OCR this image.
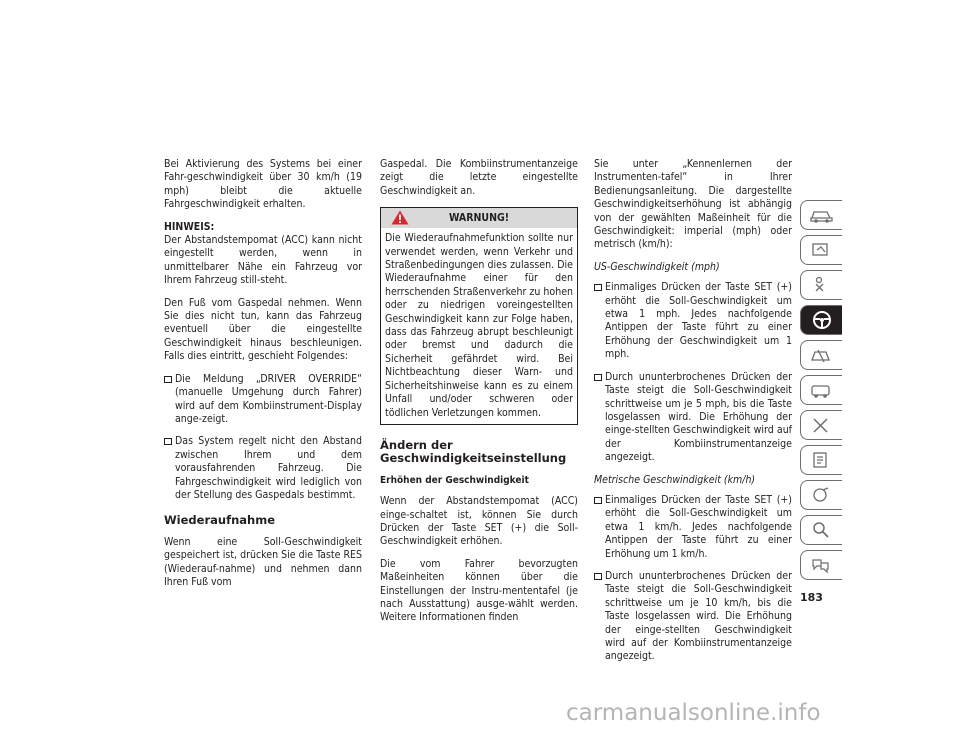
Bei Aktivierung des Systems bei einer Fahr-geschwindigkeit über 30 km/h (19 mph) bleibt die aktuelle Fahrgeschwindigkeit erhalten.

HINWEIS:

Der Abstandstempomat (ACC) kann nicht eingestellt werden, wenn in unmittelbarer Nähe ein Fahrzeug vor Ihrem Fahrzeug still-steht.

Den Fuß vom Gaspedal nehmen. Wenn Sie dies nicht tun, kann das Fahrzeug eventuell über die eingestellte Geschwindigkeit hinaus beschleunigen. Falls dies eintritt, geschieht Folgendes:

Die Meldung „DRIVER OVERRIDE“ (manuelle Umgehung durch Fahrer) wird auf dem Kombiinstrument-Display ange-zeigt.
Das System regelt nicht den Abstand zwischen Ihrem und dem vorausfahrenden Fahrzeug. Die Fahrgeschwindigkeit wird lediglich von der Stellung des Gaspedals bestimmt.
Wiederaufnahme

Wenn eine Soll-Geschwindigkeit gespeichert ist, drücken Sie die Taste RES (Wiederauf-nahme) und nehmen dann Ihren Fuß vom

Gaspedal. Die Kombiinstrumentanzeige zeigt die letzte eingestellte Geschwindigkeit an.

WARNUNG!
Die Wiederaufnahmefunktion sollte nur verwendet werden, wenn Verkehr und Straßenbedingungen dies zulassen. Die Wiederaufnahme einer für den herrschenden Straßenverkehr zu hohen oder zu niedrigen voreingestellten Geschwindigkeit kann zur Folge haben, dass das Fahrzeug abrupt beschleunigt oder bremst und dadurch die Sicherheit gefährdet wird. Bei Nichtbeachtung dieser Warn- und Sicherheitshinweise kann es zu einem Unfall und/oder schweren oder tödlichen Verletzungen kommen.
Ändern der Geschwindigkeitseinstellung
Erhöhen der Geschwindigkeit

Wenn der Abstandstempomat (ACC) einge-schaltet ist, können Sie durch Drücken der Taste SET (+) die Soll-Geschwindigkeit erhöhen.

Die vom Fahrer bevorzugten Maßeinheiten können über die Einstellungen der Instru-mententafel (je nach Ausstattung) ausge-wählt werden. Weitere Informationen finden

Sie unter „Kennenlernen der Instrumenten-tafel“ in Ihrer Bedienungsanleitung. Die dargestellte Geschwindigkeitserhöhung ist abhängig von der gewählten Maßeinheit für die Geschwindigkeit: imperial (mph) oder metrisch (km/h):

US-Geschwindigkeit (mph)
Einmaliges Drücken der Taste SET (+) erhöht die Soll-Geschwindigkeit um etwa 1 mph. Jedes nachfolgende Antippen der Taste führt zu einer Erhöhung der Geschwindigkeit um 1 mph.
Durch ununterbrochenes Drücken der Taste steigt die Soll-Geschwindigkeit schrittweise um je 5 mph, bis die Taste losgelassen wird. Die Erhöhung der einge-stellten Geschwindigkeit wird auf der Kombiinstrumentanzeige angezeigt.
Metrische Geschwindigkeit (km/h)
Einmaliges Drücken der Taste SET (+) erhöht die Soll-Geschwindigkeit um etwa 1 km/h. Jedes nachfolgende Antippen der Taste führt zu einer Erhöhung um 1 km/h.
Durch ununterbrochenes Drücken der Taste steigt die Soll-Geschwindigkeit schrittweise um je 10 km/h, bis die Taste losgelassen wird. Die Erhöhung der einge-stellten Geschwindigkeit wird auf der Kombiinstrumentanzeige angezeigt.
183
carmanualsonline.info
